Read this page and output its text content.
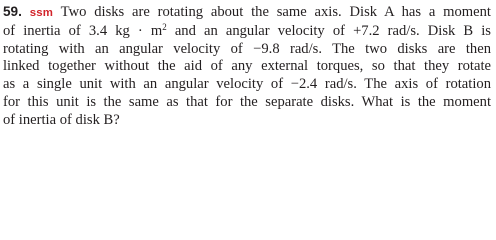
59. ssm Two disks are rotating about the same axis. Disk A has a moment
of inertia of 3.4 kg · $m^2$ and an angular velocity of +7.2 rad/s. Disk B is
rotating with an angular velocity of −9.8 rad/s. The two disks are then
linked together without the aid of any external torques, so that they rotate
as a single unit with an angular velocity of −2.4 rad/s. The axis of rotation
for this unit is the same as that for the separate disks. What is the moment
of inertia of disk B?
